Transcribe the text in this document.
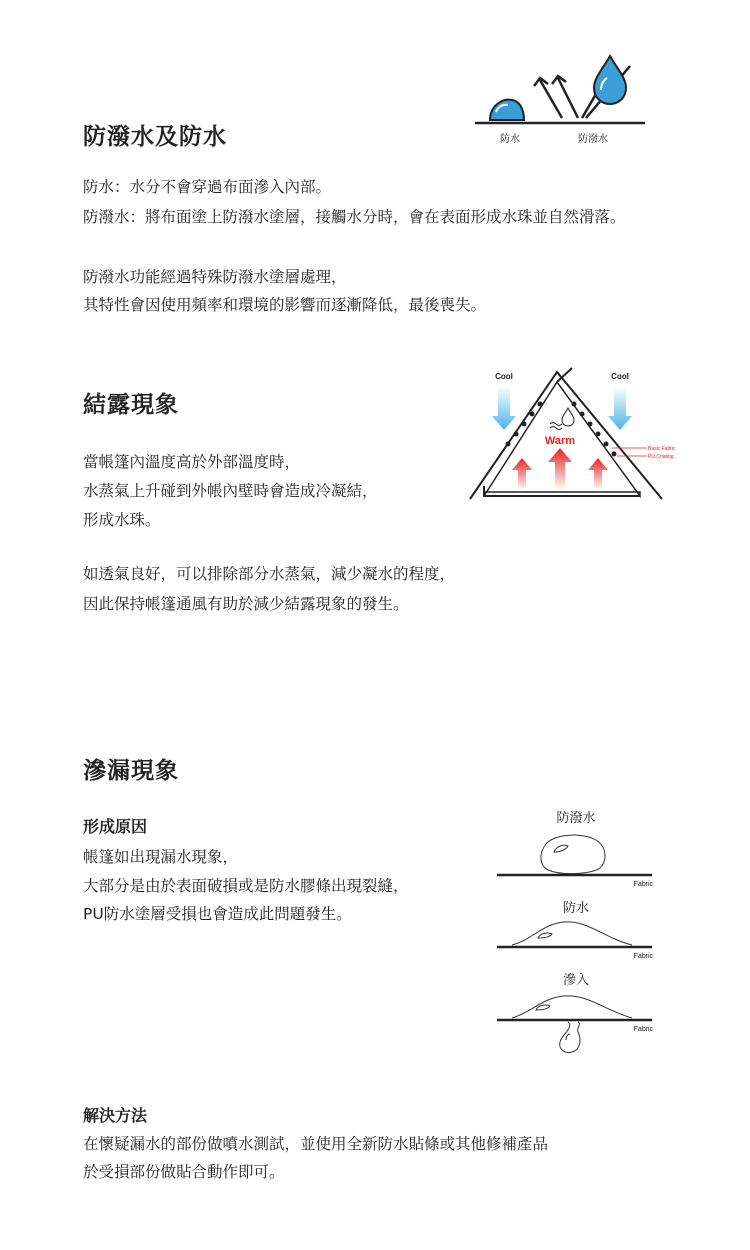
防潑水及防水	防水	防潑水

防水：水分不會穿過布面滲入內部。

防潑水：將布面塗上防潑水塗層，接觸水分時，會在表面形成水珠並自然滑落。

防潑水功能經過特殊防潑水塗層處理，

其特性會因使用頻率和環境的影響而逐漸降低，最後喪失。

結露現象
Cool	Cool
Warm
Basic Fabric
PU Coating

當帳篷內溫度高於外部溫度時，

水蒸氣上升碰到外帳內壁時會造成冷凝結，

形成水珠。

如透氣良好，可以排除部分水蒸氣，減少凝水的程度，

因此保持帳篷通風有助於減少結露現象的發生。

滲漏現象
形成原因

帳篷如出現漏水現象，

大部分是由於表面破損或是防水膠條出現裂縫，

PU防水塗層受損也會造成此問題發生。

防潑水
Fabric
防水
Fabric
滲入
Fabric
解決方法

在懷疑漏水的部份做噴水測試，並使用全新防水貼條或其他修補產品

於受損部份做貼合動作即可。
